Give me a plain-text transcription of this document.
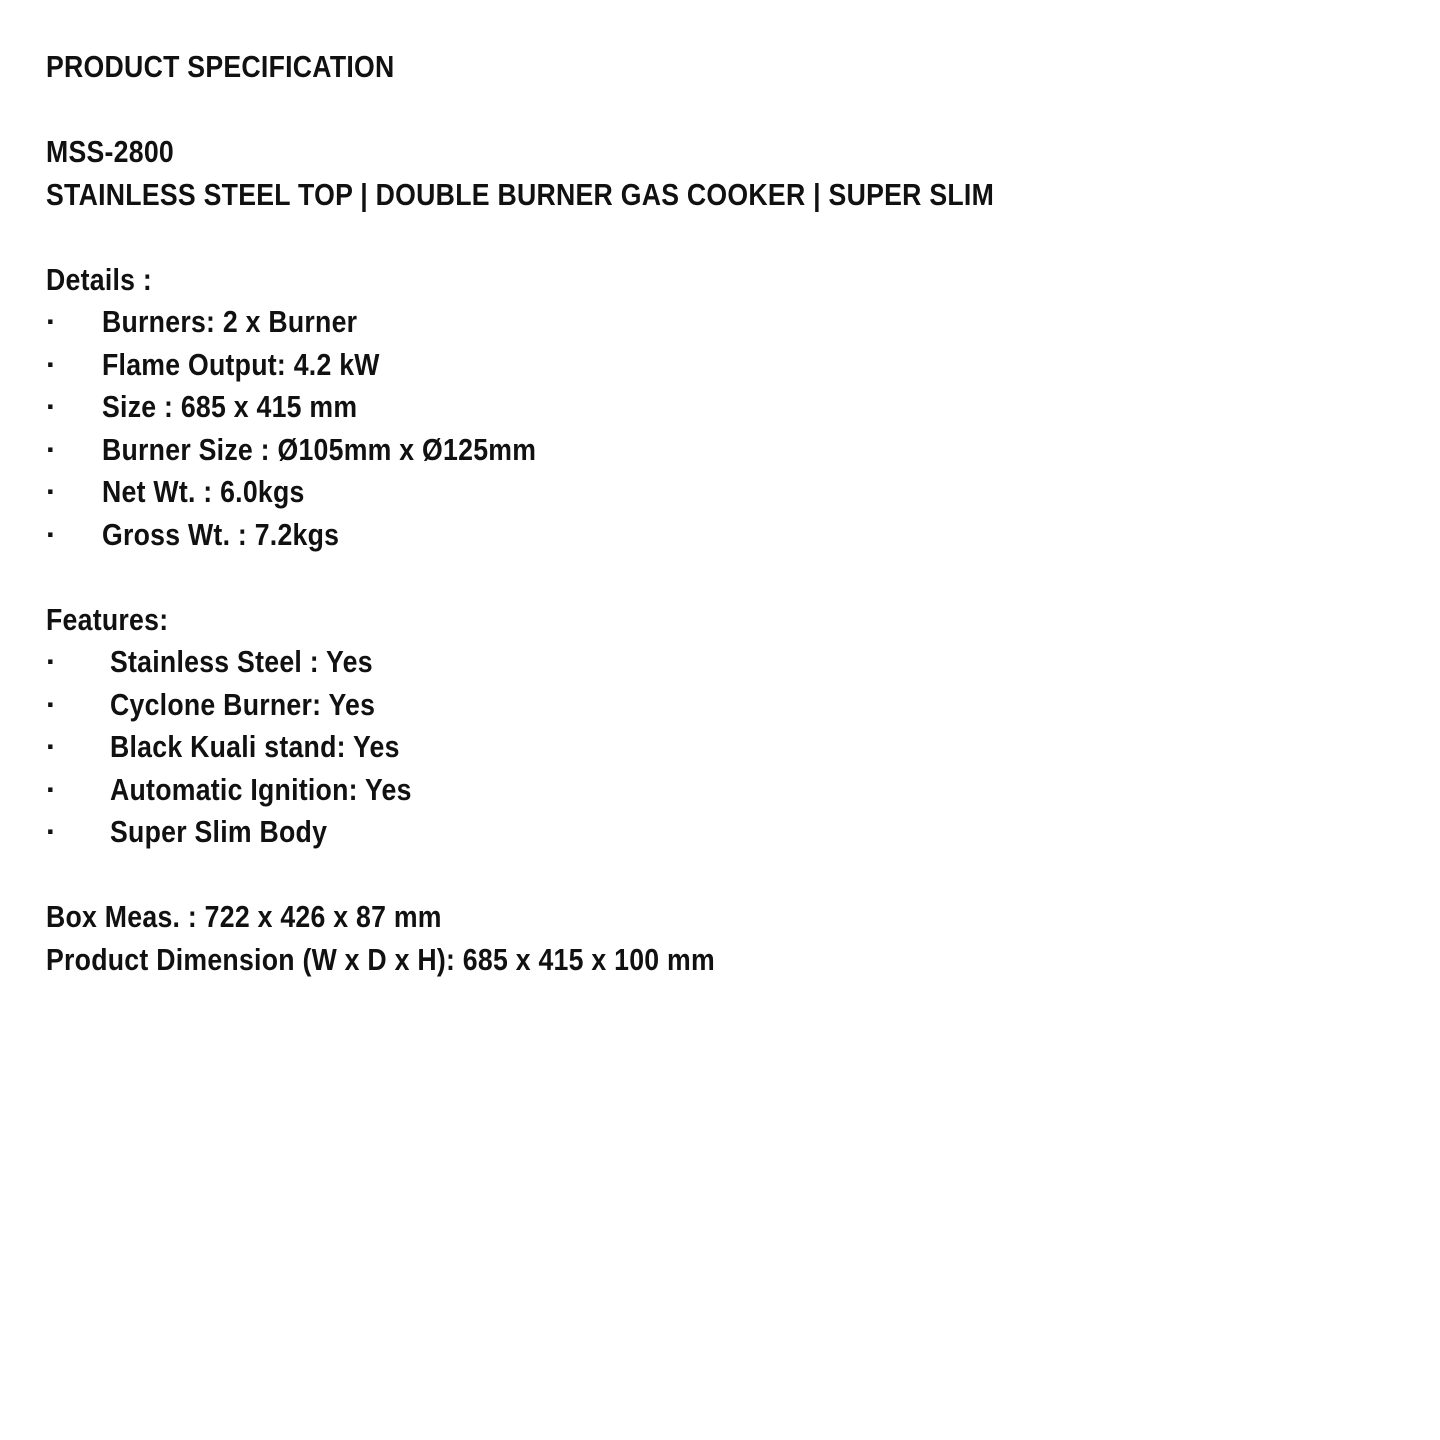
PRODUCT SPECIFICATION
MSS-2800
STAINLESS STEEL TOP | DOUBLE BURNER GAS COOKER | SUPER SLIM
Details :
· Burners: 2 x Burner
· Flame Output: 4.2 kW
· Size : 685 x 415 mm
· Burner Size : Ø105mm x Ø125mm
· Net Wt. : 6.0kgs
· Gross Wt. : 7.2kgs
Features:
· Stainless Steel : Yes
· Cyclone Burner: Yes
· Black Kuali stand: Yes
· Automatic Ignition: Yes
· Super Slim Body
Box Meas. : 722 x 426 x 87 mm
Product Dimension (W x D x H): 685 x 415 x 100 mm
